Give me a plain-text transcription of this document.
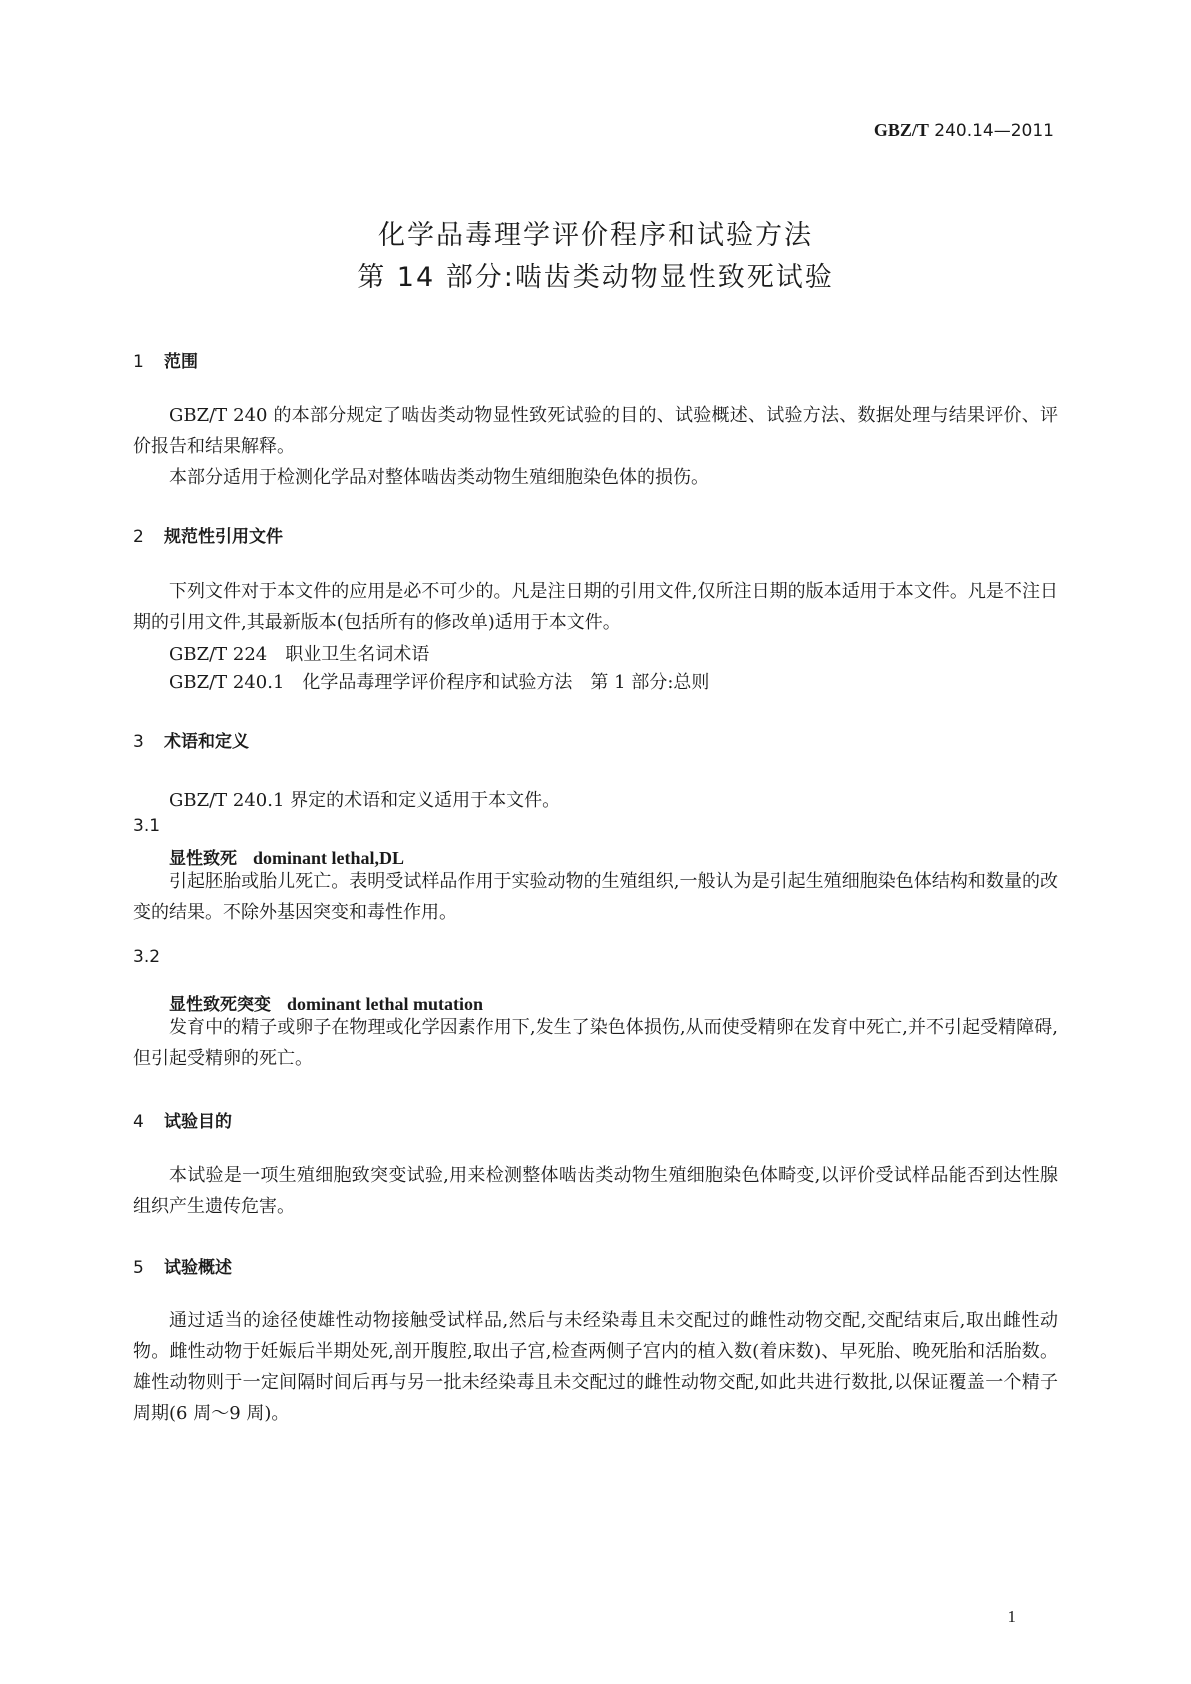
GBZ/T 240.14—2011
化学品毒理学评价程序和试验方法
第 14 部分:啮齿类动物显性致死试验
1 范围
GBZ/T 240 的本部分规定了啮齿类动物显性致死试验的目的、试验概述、试验方法、数据处理与结果评价、评价报告和结果解释。
本部分适用于检测化学品对整体啮齿类动物生殖细胞染色体的损伤。
2 规范性引用文件
下列文件对于本文件的应用是必不可少的。凡是注日期的引用文件,仅所注日期的版本适用于本文件。凡是不注日期的引用文件,其最新版本(包括所有的修改单)适用于本文件。
GBZ/T 224　职业卫生名词术语
GBZ/T 240.1　化学品毒理学评价程序和试验方法　第 1 部分:总则
3 术语和定义
GBZ/T 240.1 界定的术语和定义适用于本文件。
3.1
显性致死 dominant lethal,DL
引起胚胎或胎儿死亡。表明受试样品作用于实验动物的生殖组织,一般认为是引起生殖细胞染色体结构和数量的改变的结果。不除外基因突变和毒性作用。
3.2
显性致死突变 dominant lethal mutation
发育中的精子或卵子在物理或化学因素作用下,发生了染色体损伤,从而使受精卵在发育中死亡,并不引起受精障碍,但引起受精卵的死亡。
4 试验目的
本试验是一项生殖细胞致突变试验,用来检测整体啮齿类动物生殖细胞染色体畸变,以评价受试样品能否到达性腺组织产生遗传危害。
5 试验概述
通过适当的途径使雄性动物接触受试样品,然后与未经染毒且未交配过的雌性动物交配,交配结束后,取出雌性动物。雌性动物于妊娠后半期处死,剖开腹腔,取出子宫,检查两侧子宫内的植入数(着床数)、早死胎、晚死胎和活胎数。雄性动物则于一定间隔时间后再与另一批未经染毒且未交配过的雌性动物交配,如此共进行数批,以保证覆盖一个精子周期(6 周～9 周)。
1
